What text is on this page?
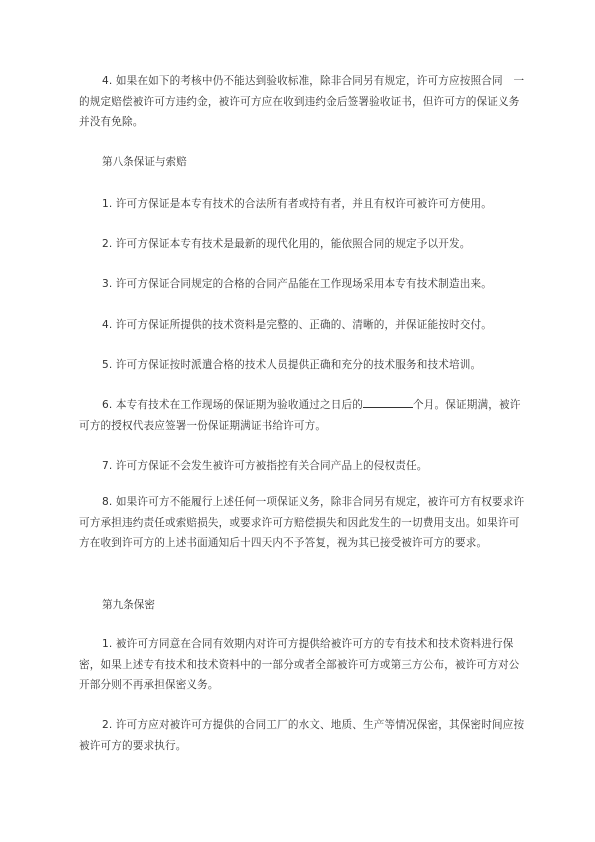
4. 如果在如下的考核中仍不能达到验收标准，除非合同另有规定，许可方应按照合同　一的规定赔偿被许可方违约金，被许可方应在收到违约金后签署验收证书，但许可方的保证义务并没有免除。

第八条保证与索赔

1. 许可方保证是本专有技术的合法所有者或持有者，并且有权许可被许可方使用。

2. 许可方保证本专有技术是最新的现代化用的，能依照合同的规定予以开发。

3. 许可方保证合同规定的合格的合同产品能在工作现场采用本专有技术制造出来。

4. 许可方保证所提供的技术资料是完整的、正确的、清晰的，并保证能按时交付。

5. 许可方保证按时派遣合格的技术人员提供正确和充分的技术服务和技术培训。

6. 本专有技术在工作现场的保证期为验收通过之日后的	个月。保证期满，被许可方的授权代表应签署一份保证期满证书给许可方。

7. 许可方保证不会发生被许可方被指控有关合同产品上的侵权责任。

8. 如果许可方不能履行上述任何一项保证义务，除非合同另有规定，被许可方有权要求许可方承担违约责任或索赔损失，或要求许可方赔偿损失和因此发生的一切费用支出。如果许可方在收到许可方的上述书面通知后十四天内不予答复，视为其已接受被许可方的要求。

第九条保密

1. 被许可方同意在合同有效期内对许可方提供给被许可方的专有技术和技术资料进行保密，如果上述专有技术和技术资料中的一部分或者全部被许可方或第三方公布，被许可方对公开部分则不再承担保密义务。

2. 许可方应对被许可方提供的合同工厂的水文、地质、生产等情况保密，其保密时间应按被许可方的要求执行。
